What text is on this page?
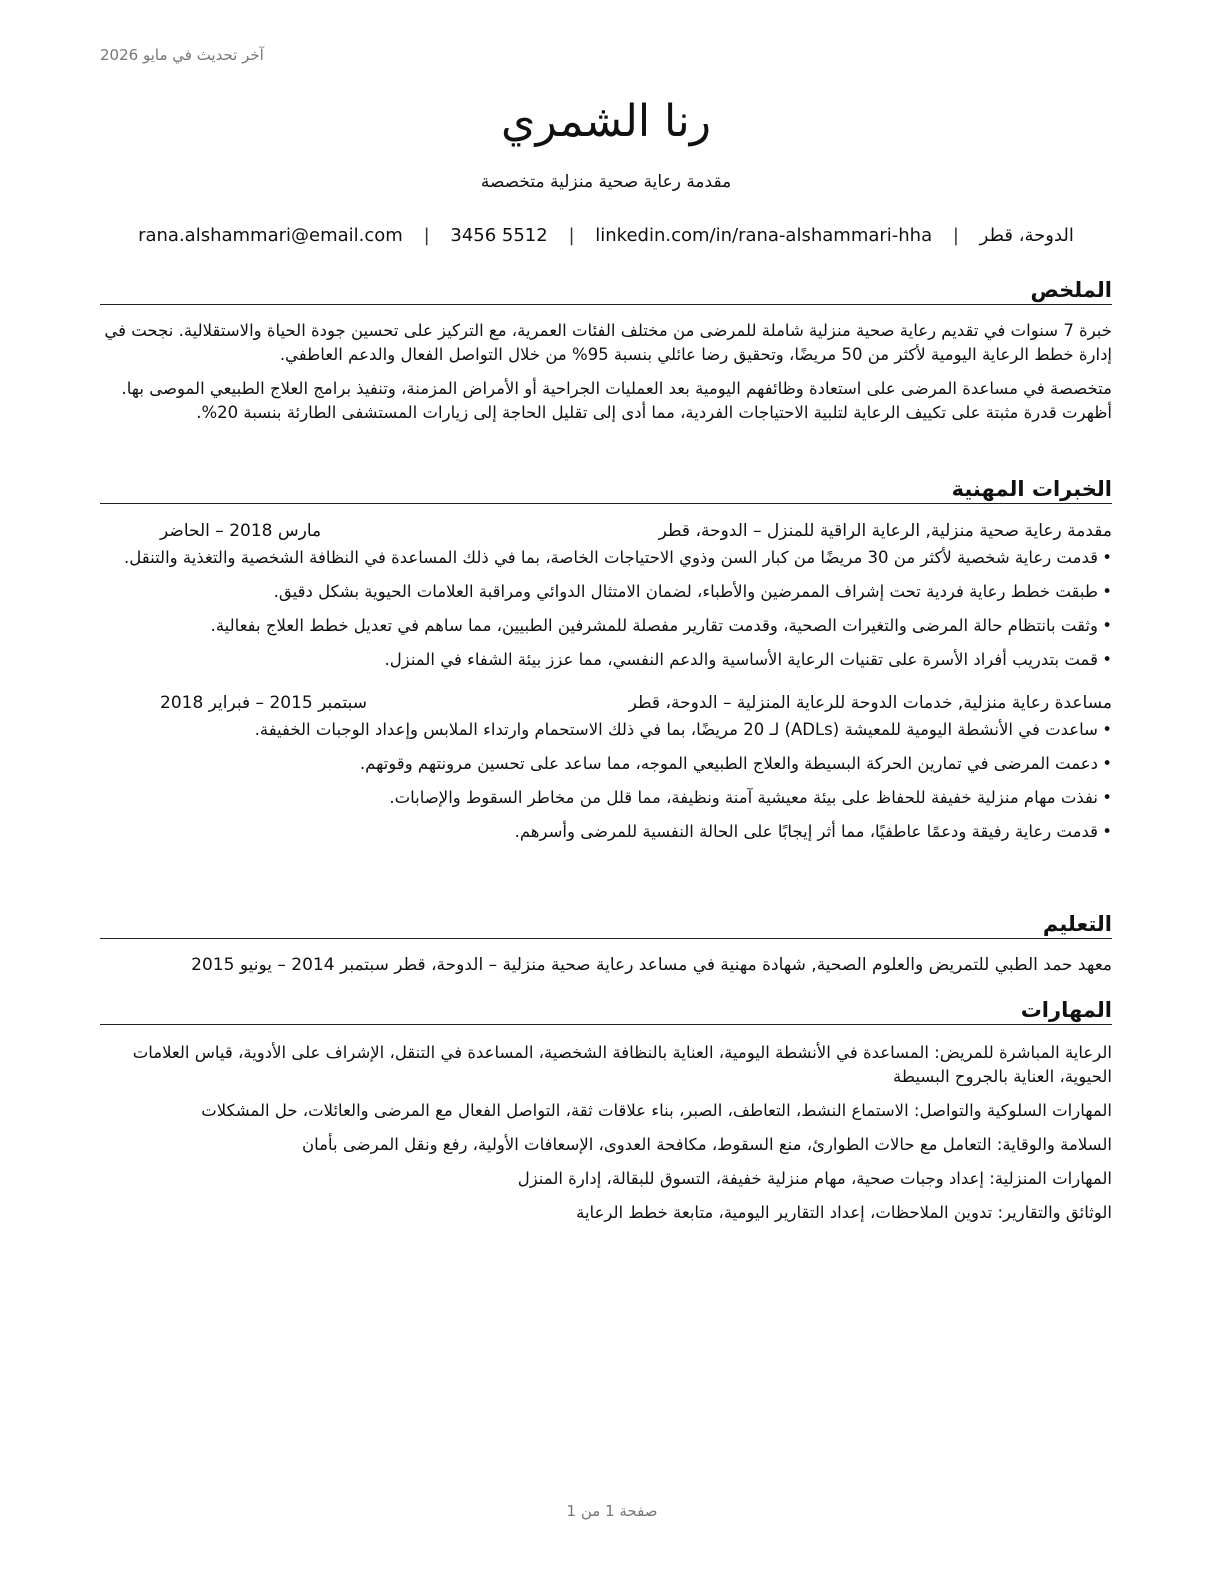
آخر تحديث في مايو 2026
رنا الشمري
مقدمة رعاية صحية منزلية متخصصة
الدوحة، قطر | rana.alshammari@email.com | 3456 5512 | linkedin.com/in/rana-alshammari-hha
الملخص

خبرة 7 سنوات في تقديم رعاية صحية منزلية شاملة للمرضى من مختلف الفئات العمرية، مع التركيز على تحسين جودة الحياة والاستقلالية. نجحت في إدارة خطط الرعاية اليومية لأكثر من 50 مريضًا، وتحقيق رضا عائلي بنسبة 95% من خلال التواصل الفعال والدعم العاطفي.

متخصصة في مساعدة المرضى على استعادة وظائفهم اليومية بعد العمليات الجراحية أو الأمراض المزمنة، وتنفيذ برامج العلاج الطبيعي الموصى بها. أظهرت قدرة مثبتة على تكييف الرعاية لتلبية الاحتياجات الفردية، مما أدى إلى تقليل الحاجة إلى زيارات المستشفى الطارئة بنسبة 20%.

الخبرات المهنية
مقدمة رعاية صحية منزلية, الرعاية الراقية للمنزل – الدوحة، قطر
مارس 2018 – الحاضر
•
قدمت رعاية شخصية لأكثر من 30 مريضًا من كبار السن وذوي الاحتياجات الخاصة، بما في ذلك المساعدة في النظافة الشخصية والتغذية والتنقل.
•
طبقت خطط رعاية فردية تحت إشراف الممرضين والأطباء، لضمان الامتثال الدوائي ومراقبة العلامات الحيوية بشكل دقيق.
•
وثقت بانتظام حالة المرضى والتغيرات الصحية، وقدمت تقارير مفصلة للمشرفين الطبيين، مما ساهم في تعديل خطط العلاج بفعالية.
•
قمت بتدريب أفراد الأسرة على تقنيات الرعاية الأساسية والدعم النفسي، مما عزز بيئة الشفاء في المنزل.
مساعدة رعاية منزلية, خدمات الدوحة للرعاية المنزلية – الدوحة، قطر
سبتمبر 2015 – فبراير 2018
•
ساعدت في الأنشطة اليومية للمعيشة (ADLs) لـ 20 مريضًا، بما في ذلك الاستحمام وارتداء الملابس وإعداد الوجبات الخفيفة.
•
دعمت المرضى في تمارين الحركة البسيطة والعلاج الطبيعي الموجه، مما ساعد على تحسين مرونتهم وقوتهم.
•
نفذت مهام منزلية خفيفة للحفاظ على بيئة معيشية آمنة ونظيفة، مما قلل من مخاطر السقوط والإصابات.
•
قدمت رعاية رفيقة ودعمًا عاطفيًا، مما أثر إيجابًا على الحالة النفسية للمرضى وأسرهم.
التعليم

معهد حمد الطبي للتمريض والعلوم الصحية, شهادة مهنية في مساعد رعاية صحية منزلية – الدوحة، قطر سبتمبر 2014 – يونيو 2015

المهارات

الرعاية المباشرة للمريض: المساعدة في الأنشطة اليومية، العناية بالنظافة الشخصية، المساعدة في التنقل، الإشراف على الأدوية، قياس العلامات الحيوية، العناية بالجروح البسيطة

المهارات السلوكية والتواصل: الاستماع النشط، التعاطف، الصبر، بناء علاقات ثقة، التواصل الفعال مع المرضى والعائلات، حل المشكلات

السلامة والوقاية: التعامل مع حالات الطوارئ، منع السقوط، مكافحة العدوى، الإسعافات الأولية، رفع ونقل المرضى بأمان

المهارات المنزلية: إعداد وجبات صحية، مهام منزلية خفيفة، التسوق للبقالة، إدارة المنزل

الوثائق والتقارير: تدوين الملاحظات، إعداد التقارير اليومية، متابعة خطط الرعاية

صفحة 1 من 1
